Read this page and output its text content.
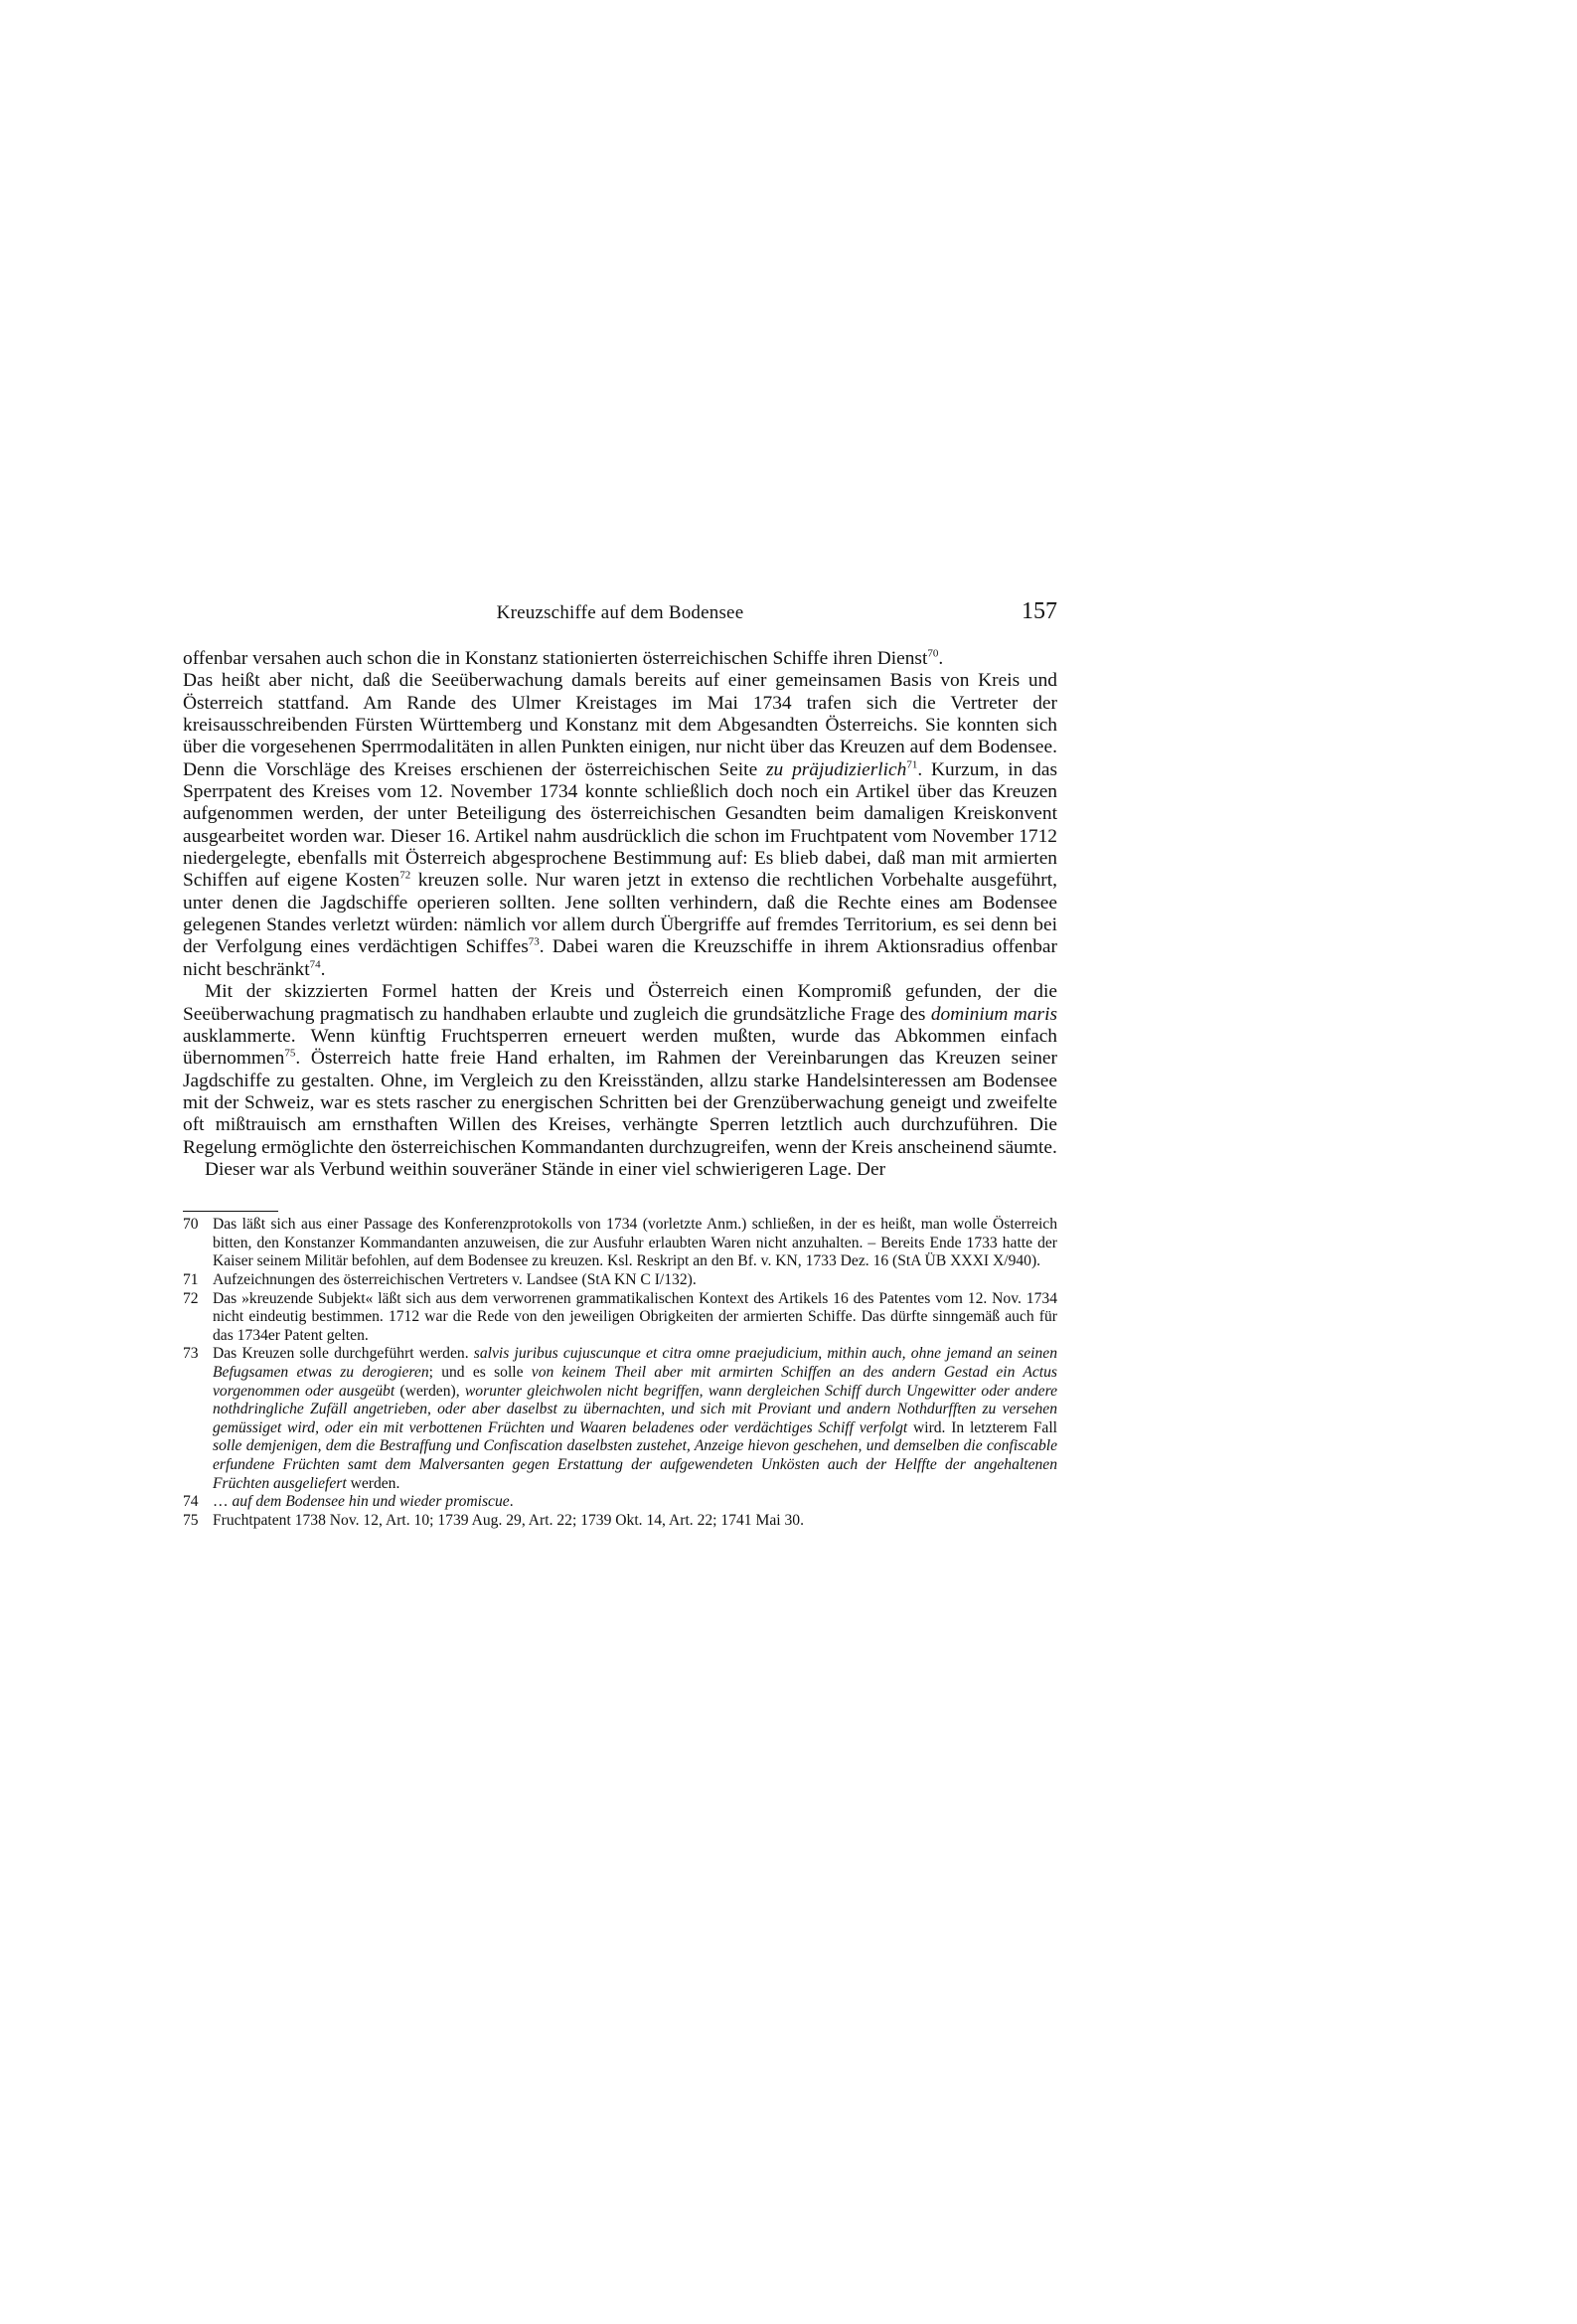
Kreuzschiffe auf dem Bodensee	157

offenbar versahen auch schon die in Konstanz stationierten österreichischen Schiffe ihren Dienst$^{70}$.

Das heißt aber nicht, daß die Seeüberwachung damals bereits auf einer gemeinsamen Basis von Kreis und Österreich stattfand. Am Rande des Ulmer Kreistages im Mai 1734 trafen sich die Vertreter der kreisausschreibenden Fürsten Württemberg und Konstanz mit dem Abgesandten Österreichs. Sie konnten sich über die vorgesehenen Sperrmodalitäten in allen Punkten einigen, nur nicht über das Kreuzen auf dem Bodensee. Denn die Vorschläge des Kreises erschienen der österreichischen Seite zu präjudizierlich$^{71}$. Kurzum, in das Sperrpatent des Kreises vom 12. November 1734 konnte schließlich doch noch ein Artikel über das Kreuzen aufgenommen werden, der unter Beteiligung des österreichischen Gesandten beim damaligen Kreiskonvent ausgearbeitet worden war. Dieser 16. Artikel nahm ausdrücklich die schon im Fruchtpatent vom November 1712 niedergelegte, ebenfalls mit Österreich abgesprochene Bestimmung auf: Es blieb dabei, daß man mit armierten Schiffen auf eigene Kosten$^{72}$ kreuzen solle. Nur waren jetzt in extenso die rechtlichen Vorbehalte ausgeführt, unter denen die Jagdschiffe operieren sollten. Jene sollten verhindern, daß die Rechte eines am Bodensee gelegenen Standes verletzt würden: nämlich vor allem durch Übergriffe auf fremdes Territorium, es sei denn bei der Verfolgung eines verdächtigen Schiffes$^{73}$. Dabei waren die Kreuzschiffe in ihrem Aktionsradius offenbar nicht beschränkt$^{74}$.

Mit der skizzierten Formel hatten der Kreis und Österreich einen Kompromiß gefunden, der die Seeüberwachung pragmatisch zu handhaben erlaubte und zugleich die grundsätzliche Frage des dominium maris ausklammerte. Wenn künftig Fruchtsperren erneuert werden mußten, wurde das Abkommen einfach übernommen$^{75}$. Österreich hatte freie Hand erhalten, im Rahmen der Vereinbarungen das Kreuzen seiner Jagdschiffe zu gestalten. Ohne, im Vergleich zu den Kreisständen, allzu starke Handelsinteressen am Bodensee mit der Schweiz, war es stets rascher zu energischen Schritten bei der Grenzüberwachung geneigt und zweifelte oft mißtrauisch am ernsthaften Willen des Kreises, verhängte Sperren letztlich auch durchzuführen. Die Regelung ermöglichte den österreichischen Kommandanten durchzugreifen, wenn der Kreis anscheinend säumte.

Dieser war als Verbund weithin souveräner Stände in einer viel schwierigeren Lage. Der

70 Das läßt sich aus einer Passage des Konferenzprotokolls von 1734 (vorletzte Anm.) schließen, in der es heißt, man wolle Österreich bitten, den Konstanzer Kommandanten anzuweisen, die zur Ausfuhr erlaubten Waren nicht anzuhalten. – Bereits Ende 1733 hatte der Kaiser seinem Militär befohlen, auf dem Bodensee zu kreuzen. Ksl. Reskript an den Bf. v. KN, 1733 Dez. 16 (StA ÜB XXXI X/940).

71 Aufzeichnungen des österreichischen Vertreters v. Landsee (StA KN C I/132).

72 Das »kreuzende Subjekt« läßt sich aus dem verworrenen grammatikalischen Kontext des Artikels 16 des Patentes vom 12. Nov. 1734 nicht eindeutig bestimmen. 1712 war die Rede von den jeweiligen Obrigkeiten der armierten Schiffe. Das dürfte sinngemäß auch für das 1734er Patent gelten.

73 Das Kreuzen solle durchgeführt werden. salvis juribus cujuscunque et citra omne praejudicium, mithin auch, ohne jemand an seinen Befugsamen etwas zu derogieren; und es solle von keinem Theil aber mit armirten Schiffen an des andern Gestad ein Actus vorgenommen oder ausgeübt (werden), worunter gleichwolen nicht begriffen, wann dergleichen Schiff durch Ungewitter oder andere nothdringliche Zufäll angetrieben, oder aber daselbst zu übernachten, und sich mit Proviant und andern Nothdurfften zu versehen gemüssiget wird, oder ein mit verbottenen Früchten und Waaren beladenes oder verdächtiges Schiff verfolgt wird. In letzterem Fall solle demjenigen, dem die Bestraffung und Confiscation daselbsten zustehet, Anzeige hievon geschehen, und demselben die confiscable erfundene Früchten samt dem Malversanten gegen Erstattung der aufgewendeten Unkösten auch der Helffte der angehaltenen Früchten ausgeliefert werden.

74 … auf dem Bodensee hin und wieder promiscue.

75 Fruchtpatent 1738 Nov. 12, Art. 10; 1739 Aug. 29, Art. 22; 1739 Okt. 14, Art. 22; 1741 Mai 30.
